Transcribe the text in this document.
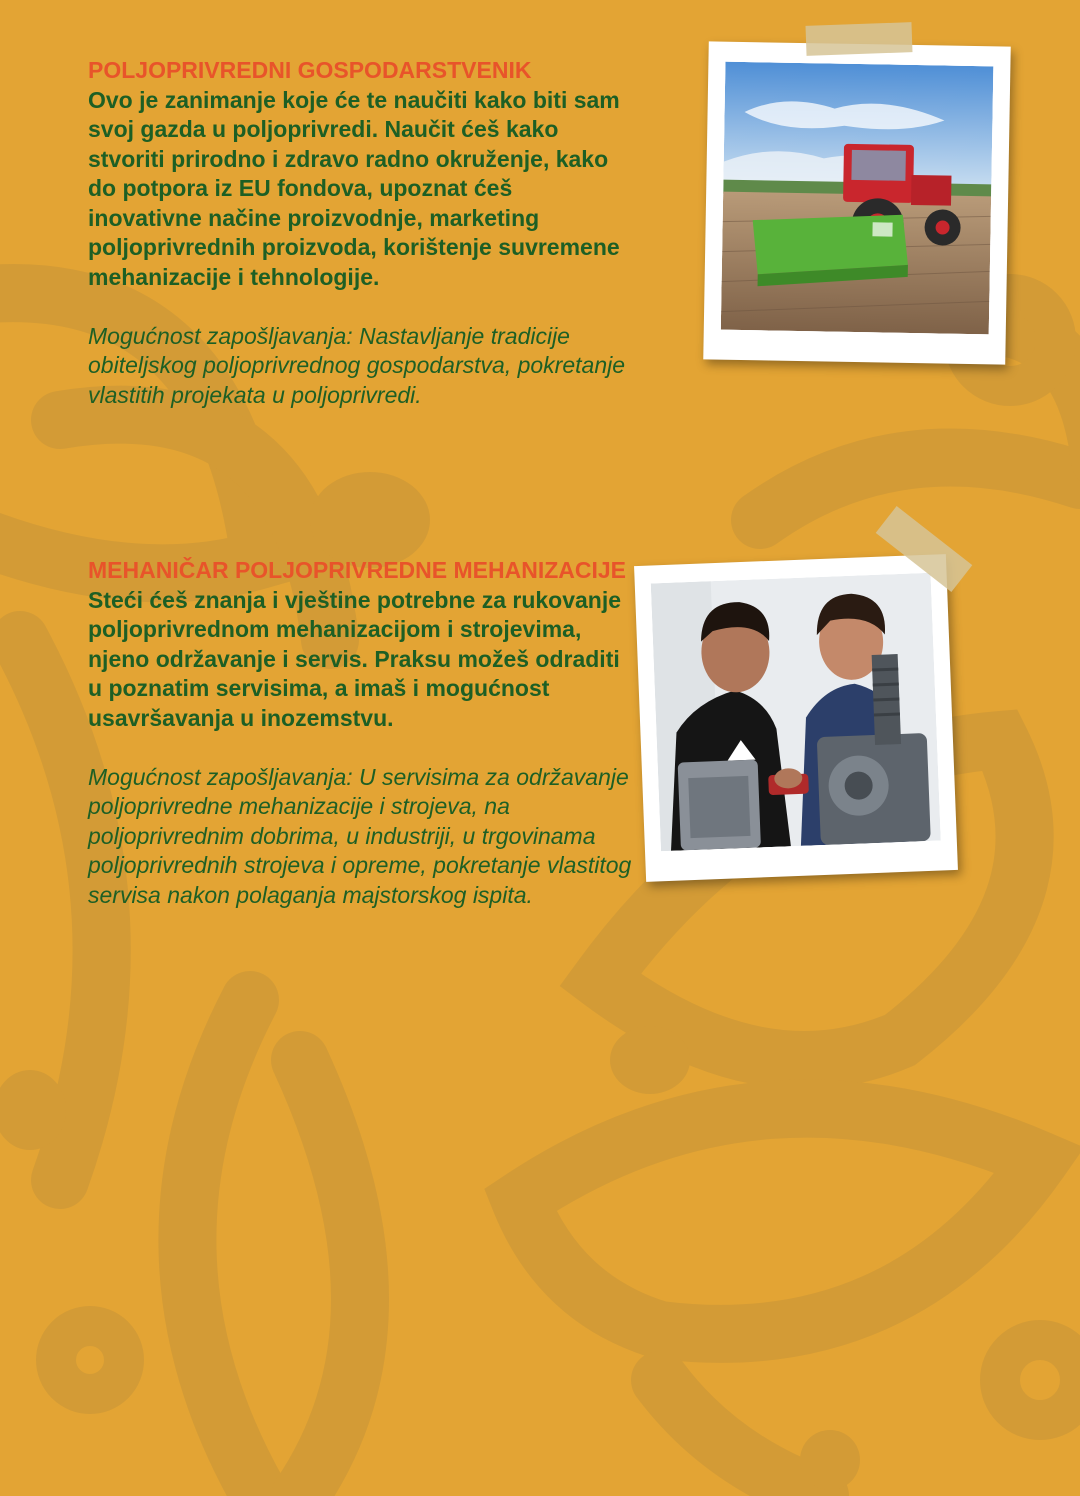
POLJOPRIVREDNI GOSPODARSTVENIK

Ovo je zanimanje koje će te naučiti kako biti sam svoj gazda u poljoprivredi. Naučit ćeš kako stvoriti prirodno i zdravo radno okruženje, kako do potpora iz EU fondova, upoznat ćeš inovativne načine proizvodnje, marketing poljoprivrednih proizvoda, korištenje suvremene mehanizacije i tehnologije.

Mogućnost zapošljavanja: Nastavljanje tradicije obiteljskog poljoprivrednog gospodarstva, pokretanje vlastitih projekata u poljoprivredi.

MEHANIČAR POLJOPRIVREDNE MEHANIZACIJE

Steći ćeš znanja i vještine potrebne za rukovanje poljoprivrednom mehanizacijom i strojevima, njeno održavanje i servis. Praksu možeš odraditi u poznatim servisima, a imaš i mogućnost usavršavanja u inozemstvu.

Mogućnost zapošljavanja: U servisima za održavanje poljoprivredne mehanizacije i strojeva, na poljoprivrednim dobrima, u industriji, u trgovinama poljoprivrednih strojeva i opreme, pokretanje vlastitog servisa nakon polaganja majstorskog ispita.
